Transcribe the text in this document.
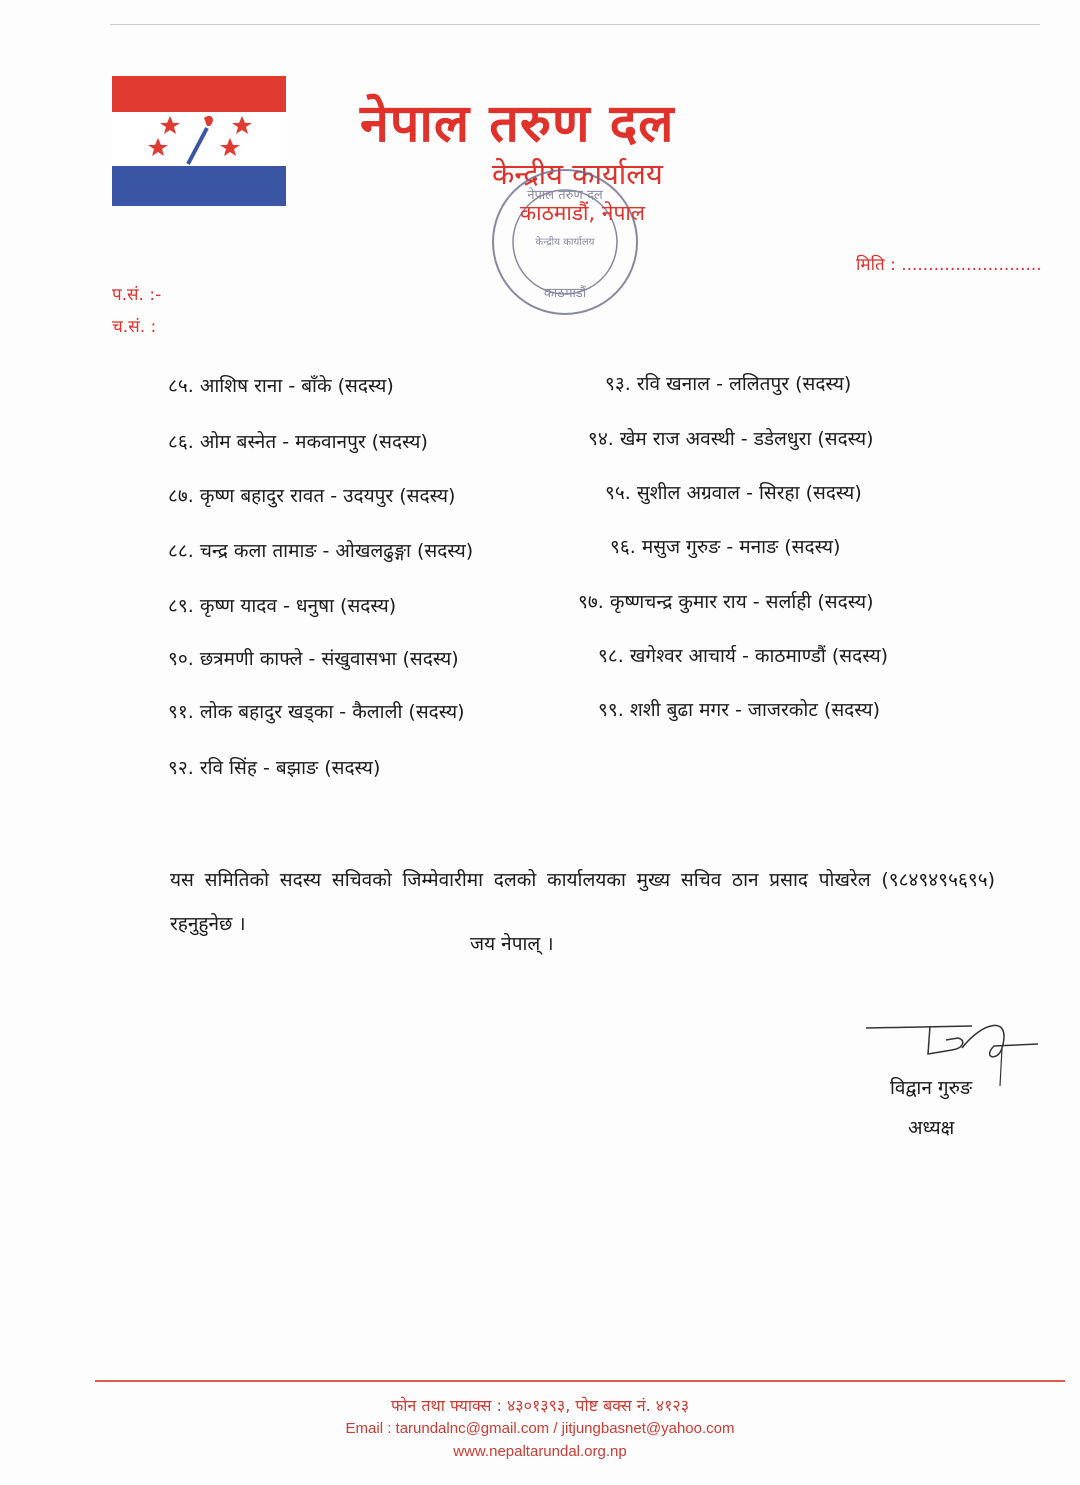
नेपाल तरुण दल
केन्द्रीय कार्यालय
नेपाल तरुण दल
केन्द्रीय कार्यालय
काठमाडौं
काठमाडौं, नेपाल
मिति : ..........................
प.सं. :-
च.सं. :
८५. आशिष राना - बाँके (सदस्य)
८६. ओम बस्नेत - मकवानपुर (सदस्य)
८७. कृष्ण बहादुर रावत - उदयपुर (सदस्य)
८८. चन्द्र कला तामाङ - ओखलढुङ्गा (सदस्य)
८९. कृष्ण यादव - धनुषा (सदस्य)
९०. छत्रमणी काफ्ले - संखुवासभा (सदस्य)
९१. लोक बहादुर खड्का - कैलाली (सदस्य)
९२. रवि सिंह - बझाङ (सदस्य)
९३. रवि खनाल - ललितपुर (सदस्य)
९४. खेम राज अवस्थी - डडेलधुरा (सदस्य)
९५. सुशील अग्रवाल - सिरहा (सदस्य)
९६. मसुज गुरुङ - मनाङ (सदस्य)
९७. कृष्णचन्द्र कुमार राय - सर्लाही (सदस्य)
९८. खगेश्वर आचार्य - काठमाण्डौं (सदस्य)
९९. शशी बुढा मगर - जाजरकोट (सदस्य)
यस समितिको सदस्य सचिवको जिम्मेवारीमा दलको कार्यालयका मुख्य सचिव ठान प्रसाद पोखरेल (९८४९४९५६९५) रहनुहुनेछ ।
जय नेपाल् ।
विद्वान गुरुङ
अध्यक्ष
फोन तथा फ्याक्स : ४३०१३९३, पोष्ट बक्स नं. ४१२३
Email : tarundalnc@gmail.com / jitjungbasnet@yahoo.com
www.nepaltarundal.org.np
